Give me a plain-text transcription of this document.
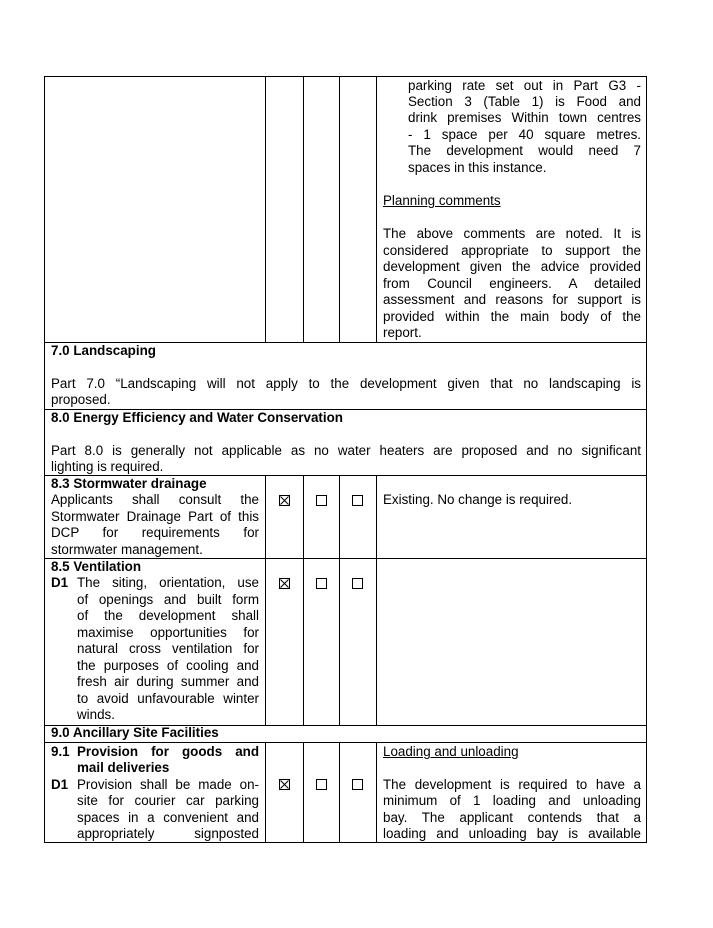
parking rate set out in Part G3 -
Section 3 (Table 1) is Food and
drink premises Within town centres
- 1 space per 40 square metres.
The development would need 7
spaces in this instance.
Planning comments
The above comments are noted. It is
considered appropriate to support the
development given the advice provided
from Council engineers. A detailed
assessment and reasons for support is
provided within the main body of the
report.
7.0 Landscaping
Part 7.0 “Landscaping will not apply to the development given that no landscaping is
proposed.
8.0 Energy Efficiency and Water Conservation
Part 8.0 is generally not applicable as no water heaters are proposed and no significant
lighting is required.
8.3 Stormwater drainage
Applicants shall consult the
Stormwater Drainage Part of this
DCP for requirements for
stormwater management.
Existing. No change is required.
8.5 Ventilation
D1 The siting, orientation, use
of openings and built form
of the development shall
maximise opportunities for
natural cross ventilation for
the purposes of cooling and
fresh air during summer and
to avoid unfavourable winter
winds.
9.0 Ancillary Site Facilities
9.1 Provision for goods and
mail deliveries
D1 Provision shall be made on-
site for courier car parking
spaces in a convenient and
appropriately signposted
Loading and unloading
The development is required to have a
minimum of 1 loading and unloading
bay. The applicant contends that a
loading and unloading bay is available
